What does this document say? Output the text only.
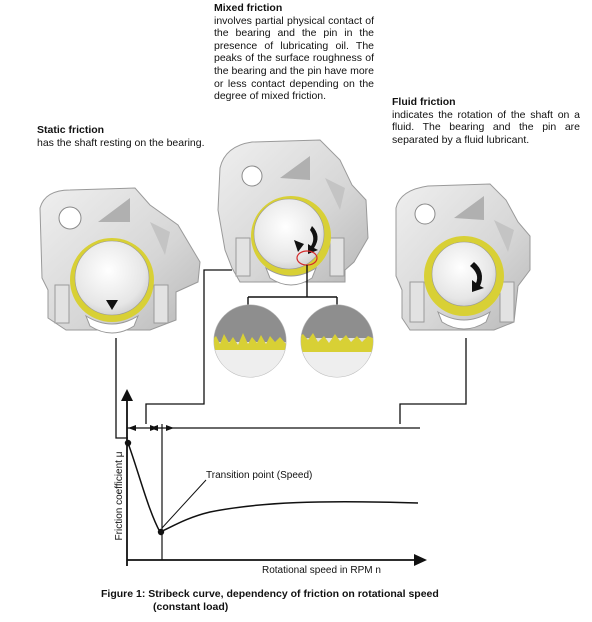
Mixed friction
involves partial physical contact of the bearing and the pin in the presence of lubricating oil. The peaks of the surface roughness of the bearing and the pin have more or less contact depending on the degree of mixed friction.
Static friction
has the shaft resting on the bearing.
Fluid friction
indicates the rotation of the shaft on a fluid. The bearing and the pin are separated by a fluid lubricant.
Transition point (Speed)
Friction coefficient μ
Rotational speed in RPM n
Figure 1: Stribeck curve, dependency of friction on rotational speed
(constant load)
